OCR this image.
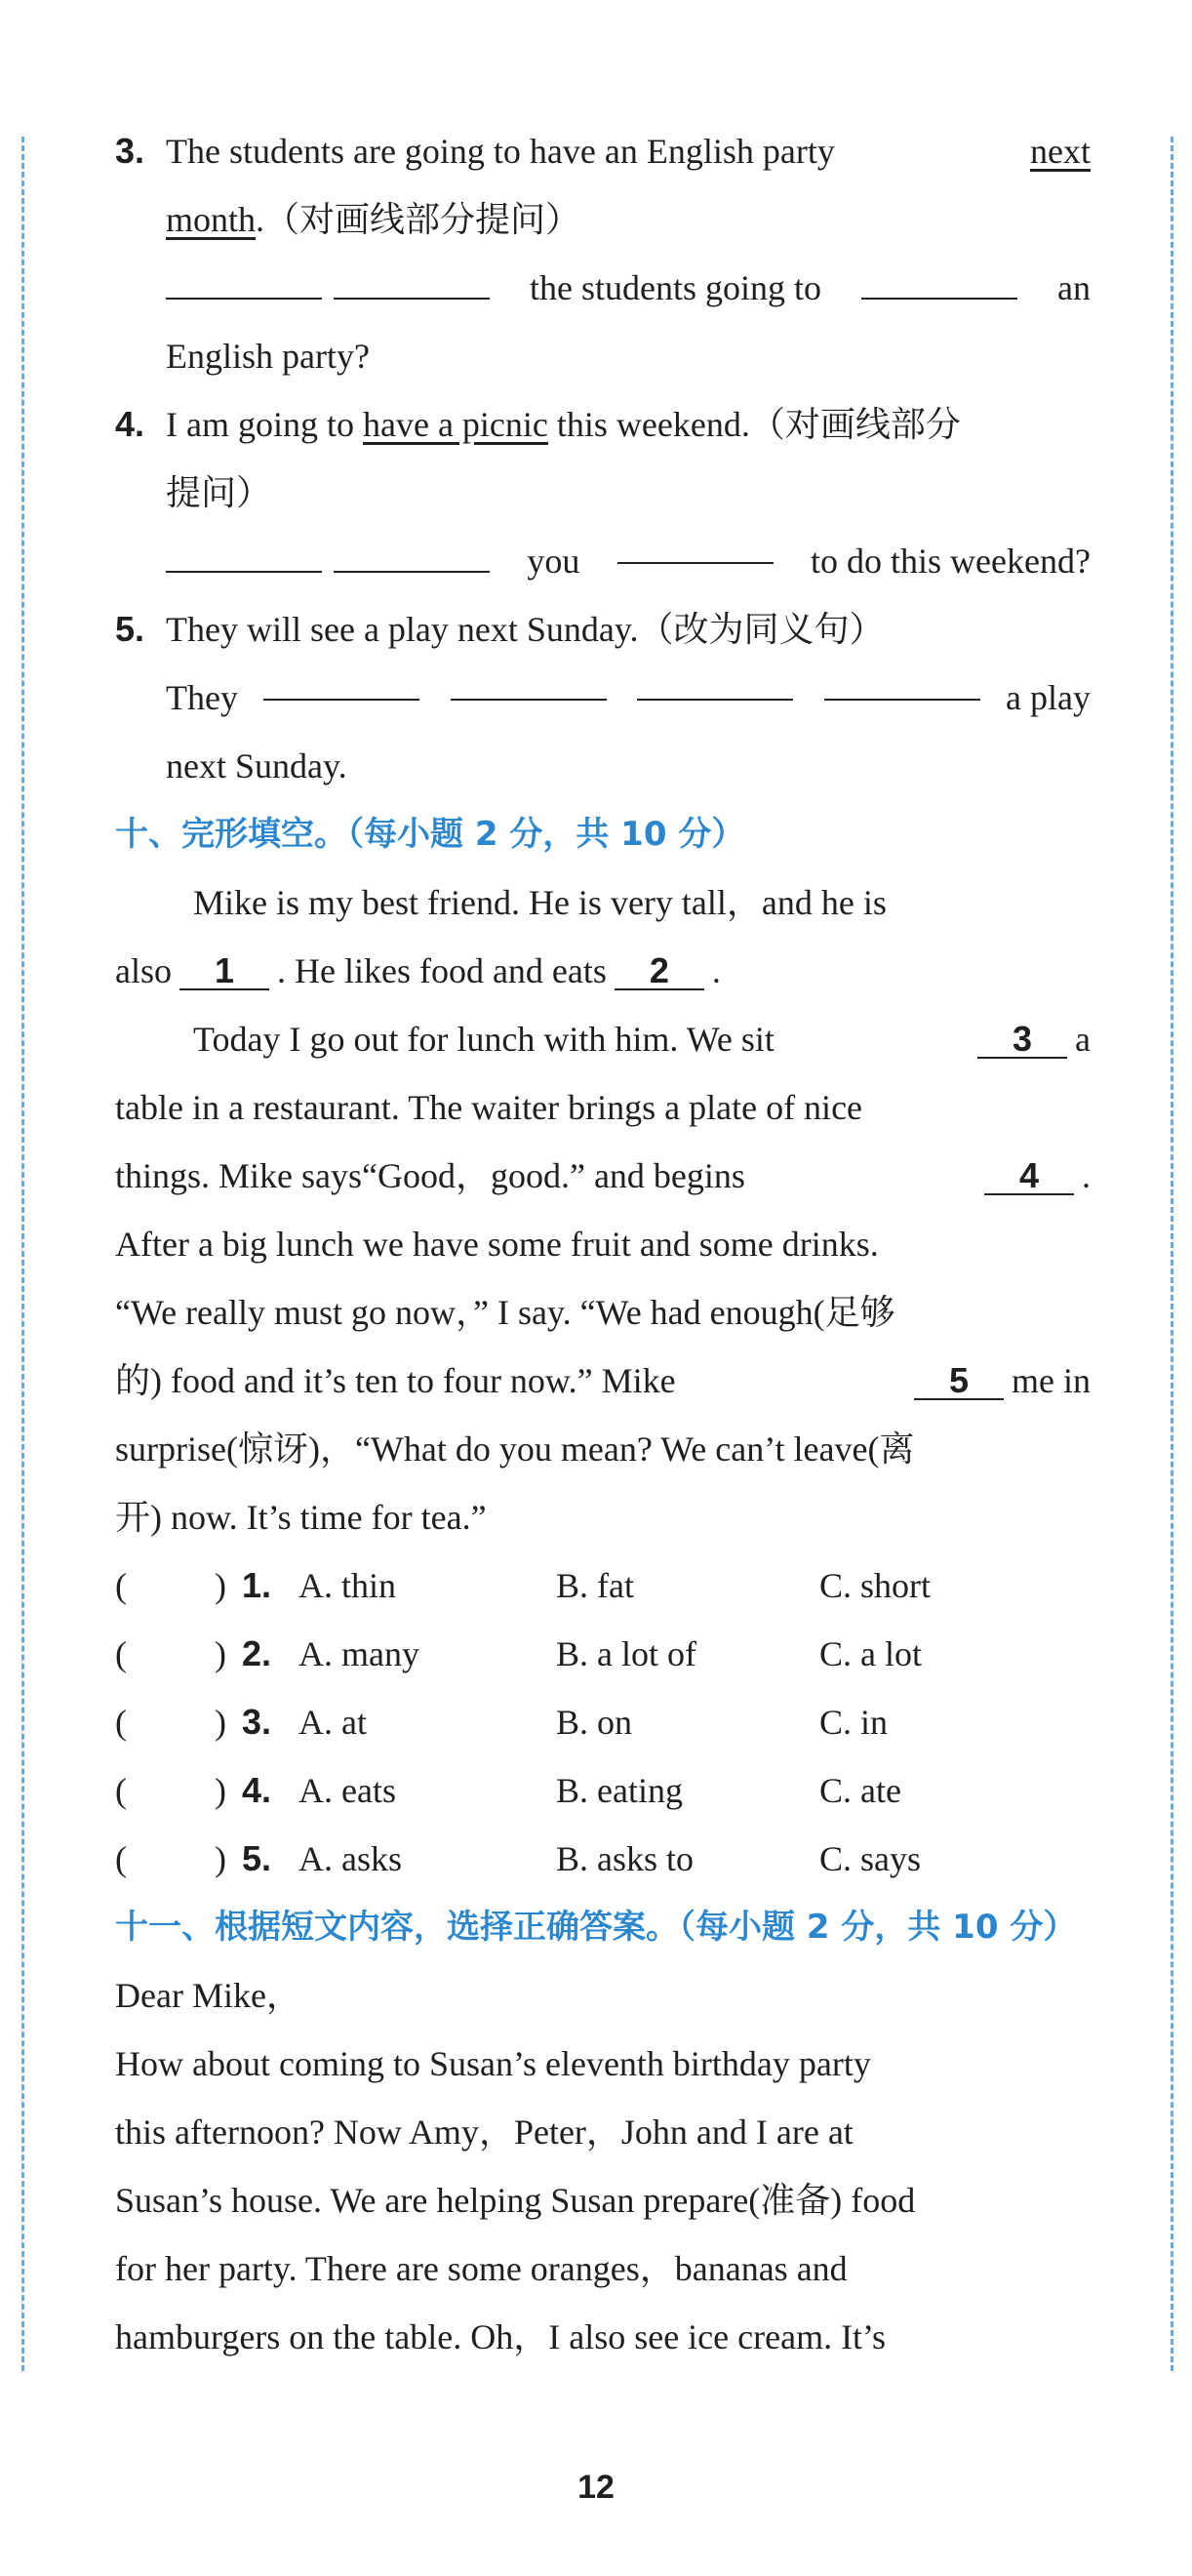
3. The students are going to have an English party	next
month.（对画线部分提问）
the students going to	an
English party?
4. I am going to have a picnic this weekend.（对画线部分
提问）
you	to do this weekend?
5. They will see a play next Sunday.（改为同义句）
They	a play
next Sunday.
十、完形填空。（每小题 2 分，共 10 分）
Mike is my best friend. He is very tall，and he is
also 1 . He likes food and eats 2 .
Today I go out for lunch with him. We sit	3 a
table in a restaurant. The waiter brings a plate of nice
things. Mike says“Good，good.” and begins	4 .
After a big lunch we have some fruit and some drinks.
“We really must go now，” I say. “We had enough(足够
的) food and it’s ten to four now.” Mike	5 me in
surprise(惊讶)，“What do you mean? We can’t leave(离
开) now. It’s time for tea.”
(	) 1. A. thin	B. fat	C. short
(	) 2. A. many	B. a lot of	C. a lot
(	) 3. A. at	B. on	C. in
(	) 4. A. eats	B. eating	C. ate
(	) 5. A. asks	B. asks to	C. says
十一、根据短文内容，选择正确答案。（每小题 2 分，共 10 分）
Dear Mike，
How about coming to Susan’s eleventh birthday party
this afternoon? Now Amy，Peter，John and I are at
Susan’s house. We are helping Susan prepare(准备) food
for her party. There are some oranges，bananas and
hamburgers on the table. Oh，I also see ice cream. It’s
12
